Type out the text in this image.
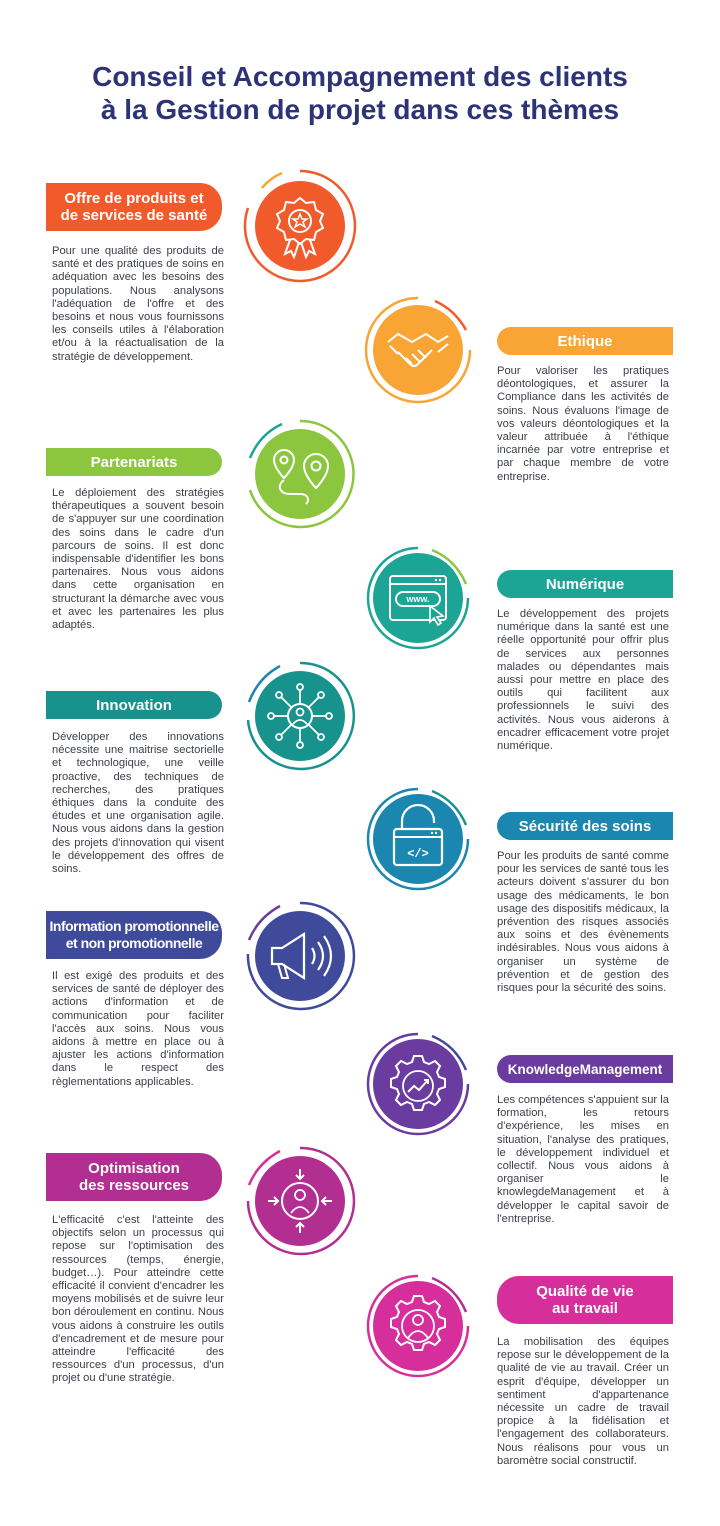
Conseil et Accompagnement des clients
à la Gestion de projet dans ces thèmes
Offre de produits et
de services de santé

Pour une qualité des produits de santé et des pratiques de soins en adéquation avec les besoins des populations. Nous analysons l'adéquation de l'offre et des besoins et nous vous fournissons les conseils utiles à l'élaboration et/ou à la réactualisation de la stratégie de développement.

Ethique

Pour valoriser les pratiques déontologiques, et assurer la Compliance dans les activités de soins. Nous évaluons l'image de vos valeurs déontologiques et la valeur attribuée à l'éthique incarnée par votre entreprise et par chaque membre de votre entreprise.

Partenariats

Le déploiement des stratégies thérapeutiques a souvent besoin de s'appuyer sur une coordination des soins dans le cadre d'un parcours de soins. Il est donc indispensable d'identifier les bons partenaires. Nous vous aidons dans cette organisation en structurant la démarche avec vous et avec les partenaires les plus adaptés.

www.
Numérique

Le développement des projets numérique dans la santé est une réelle opportunité pour offrir plus de services aux personnes malades ou dépendantes mais aussi pour mettre en place des outils qui facilitent aux professionnels le suivi des activités. Nous vous aiderons à encadrer efficacement votre projet numérique.

Innovation

Développer des innovations nécessite une maitrise sectorielle et technologique, une veille proactive, des techniques de recherches, des pratiques éthiques dans la conduite des études et une organisation agile. Nous vous aidons dans la gestion des projets d'innovation qui visent le développement des offres de soins.

</>
Sécurité des soins

Pour les produits de santé comme pour les services de santé tous les acteurs doivent s'assurer du bon usage des médicaments, le bon usage des dispositifs médicaux, la prévention des risques associés aux soins et des évènements indésirables. Nous vous aidons à organiser un système de prévention et de gestion des risques pour la sécurité des soins.

Information promotionnelle
et non promotionnelle

Il est exigé des produits et des services de santé de déployer des actions d'information et de communication pour faciliter l'accès aux soins. Nous vous aidons à mettre en place ou à ajuster les actions d'information dans le respect des règlementations applicables.

KnowledgeManagement

Les compétences s'appuient sur la formation, les retours d'expérience, les mises en situation, l'analyse des pratiques, le développement individuel et collectif. Nous vous aidons à organiser le knowlegdeManagement et à développer le capital savoir de l'entreprise.

Optimisation
des ressources

L'efficacité c'est l'atteinte des objectifs selon un processus qui repose sur l'optimisation des ressources (temps, énergie, budget…). Pour atteindre cette efficacité il convient d'encadrer les moyens mobilisés et de suivre leur bon déroulement en continu. Nous vous aidons à construire les outils d'encadrement et de mesure pour atteindre l'efficacité des ressources d'un processus, d'un projet ou d'une stratégie.

Qualité de vie
au travail

La mobilisation des équipes repose sur le développement de la qualité de vie au travail. Créer un esprit d'équipe, développer un sentiment d'appartenance nécessite un cadre de travail propice à la fidélisation et l'engagement des collaborateurs. Nous réalisons pour vous un baromètre social constructif.
